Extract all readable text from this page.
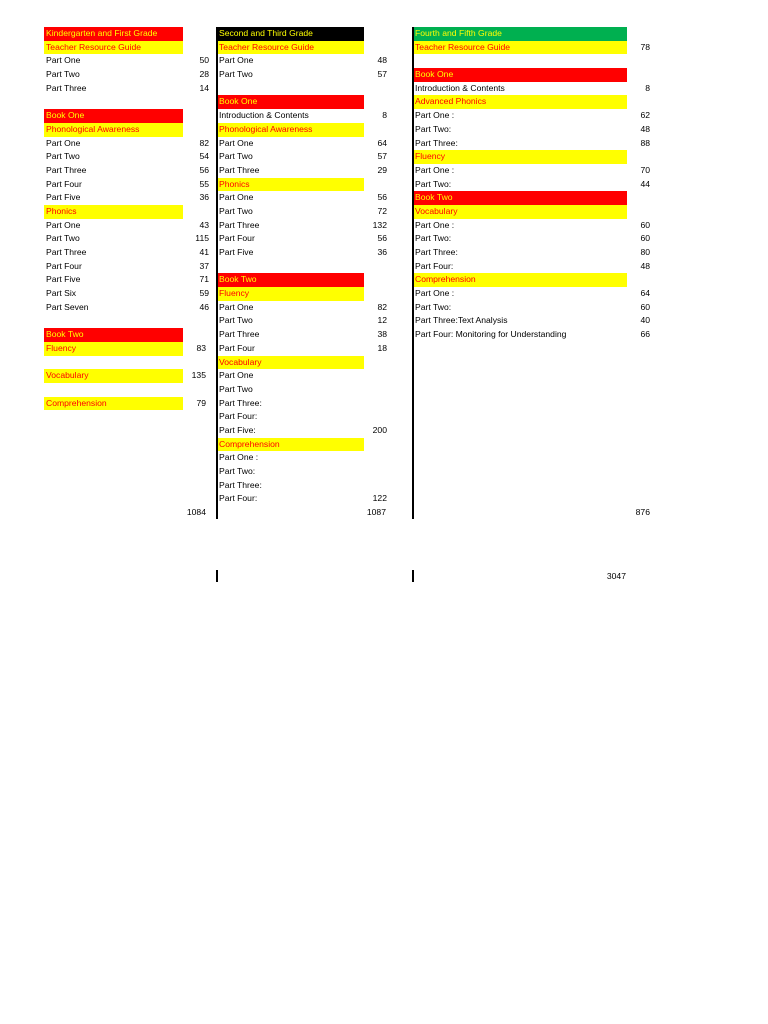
Kindergarten and First Grade
Teacher Resource Guide
Part One	50
Part Two	28
Part Three	14
Book One
Phonological Awareness
Part One	82
Part Two	54
Part Three	56
Part Four	55
Part Five	36
Phonics
Part One	43
Part Two	115
Part Three	41
Part Four	37
Part Five	71
Part Six	59
Part Seven	46
Book Two
Fluency	83
Vocabulary	135
Comprehension	79
Second and Third Grade
Teacher Resource Guide
Part One	48
Part Two	57
Book One
Introduction & Contents	8
Phonological Awareness
Part One	64
Part Two	57
Part Three	29
Phonics
Part One	56
Part Two	72
Part Three	132
Part Four	56
Part Five	36
Book Two
Fluency
Part One	82
Part Two	12
Part Three	38
Part Four	18
Vocabulary
Part One
Part Two
Part Three:
Part Four:
Part Five:	200
Comprehension
Part One :
Part Two:
Part Three:
Part Four:	122
Fourth and Fifth Grade
Teacher Resource Guide	78
Book One
Introduction & Contents	8
Advanced Phonics
Part One :	62
Part Two:	48
Part Three:	88
Fluency
Part One :	70
Part Two:	44
Book Two
Vocabulary
Part One :	60
Part Two:	60
Part Three:	80
Part Four:	48
Comprehension
Part One :	64
Part Two:	60
Part Three:Text Analysis	40
Part Four: Monitoring for Understanding	66
1084	1087	876
3047
